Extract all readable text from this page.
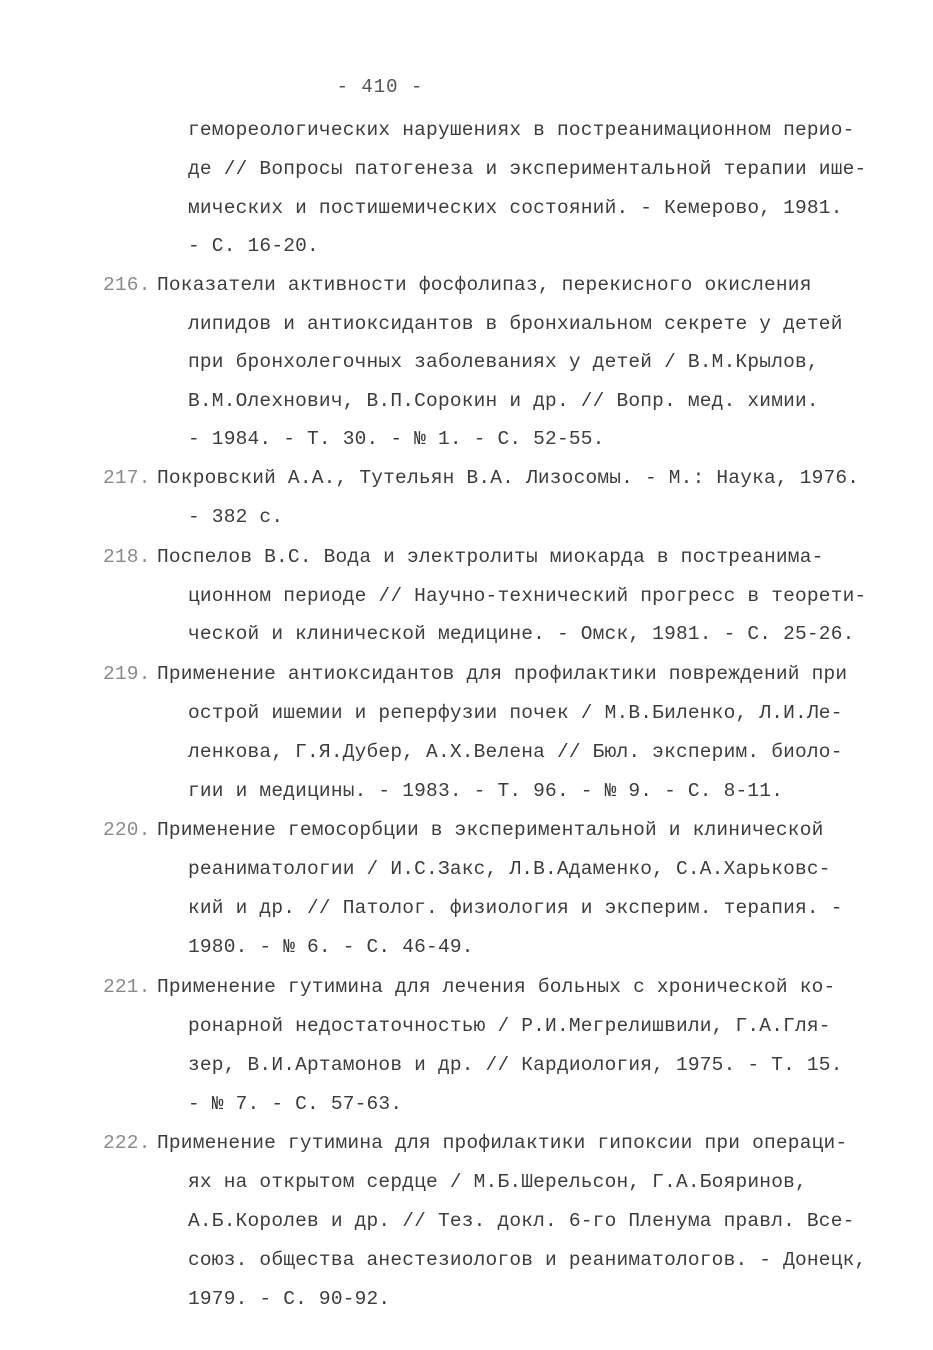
- 410 -
гемореологических нарушениях в постреанимационном перио-
де // Вопросы патогенеза и экспериментальной терапии ише-
мических и постишемических состояний. - Кемерово, 1981.
- С. 16-20.
216. Показатели активности фосфолипаз, перекисного окисления
липидов и антиоксидантов в бронхиальном секрете у детей
при бронхолегочных заболеваниях у детей / В.М.Крылов,
В.М.Олехнович, В.П.Сорокин и др. // Вопр. мед. химии.
- 1984. - Т. 30. - № 1. - С. 52-55.
217. Покровский А.А., Тутельян В.А. Лизосомы. - М.: Наука, 1976.
- 382 с.
218. Поспелов В.С. Вода и электролиты миокарда в постреанима-
ционном периоде // Научно-технический прогресс в теорети-
ческой и клинической медицине. - Омск, 1981. - С. 25-26.
219. Применение антиоксидантов для профилактики повреждений при
острой ишемии и реперфузии почек / М.В.Биленко, Л.И.Ле-
ленкова, Г.Я.Дубер, А.Х.Велена // Бюл. эксперим. биоло-
гии и медицины. - 1983. - Т. 96. - № 9. - С. 8-11.
220. Применение гемосорбции в экспериментальной и клинической
реаниматологии / И.С.Закс, Л.В.Адаменко, С.А.Харьковс-
кий и др. // Патолог. физиология и эксперим. терапия. -
1980. - № 6. - С. 46-49.
221. Применение гутимина для лечения больных с хронической ко-
ронарной недостаточностью / Р.И.Мегрелишвили, Г.А.Гля-
зер, В.И.Артамонов и др. // Кардиология, 1975. - Т. 15.
- № 7. - С. 57-63.
222. Применение гутимина для профилактики гипоксии при операци-
ях на открытом сердце / М.Б.Шерельсон, Г.А.Бояринов,
А.Б.Королев и др. // Тез. докл. 6-го Пленума правл. Все-
союз. общества анестезиологов и реаниматологов. - Донецк,
1979. - С. 90-92.
